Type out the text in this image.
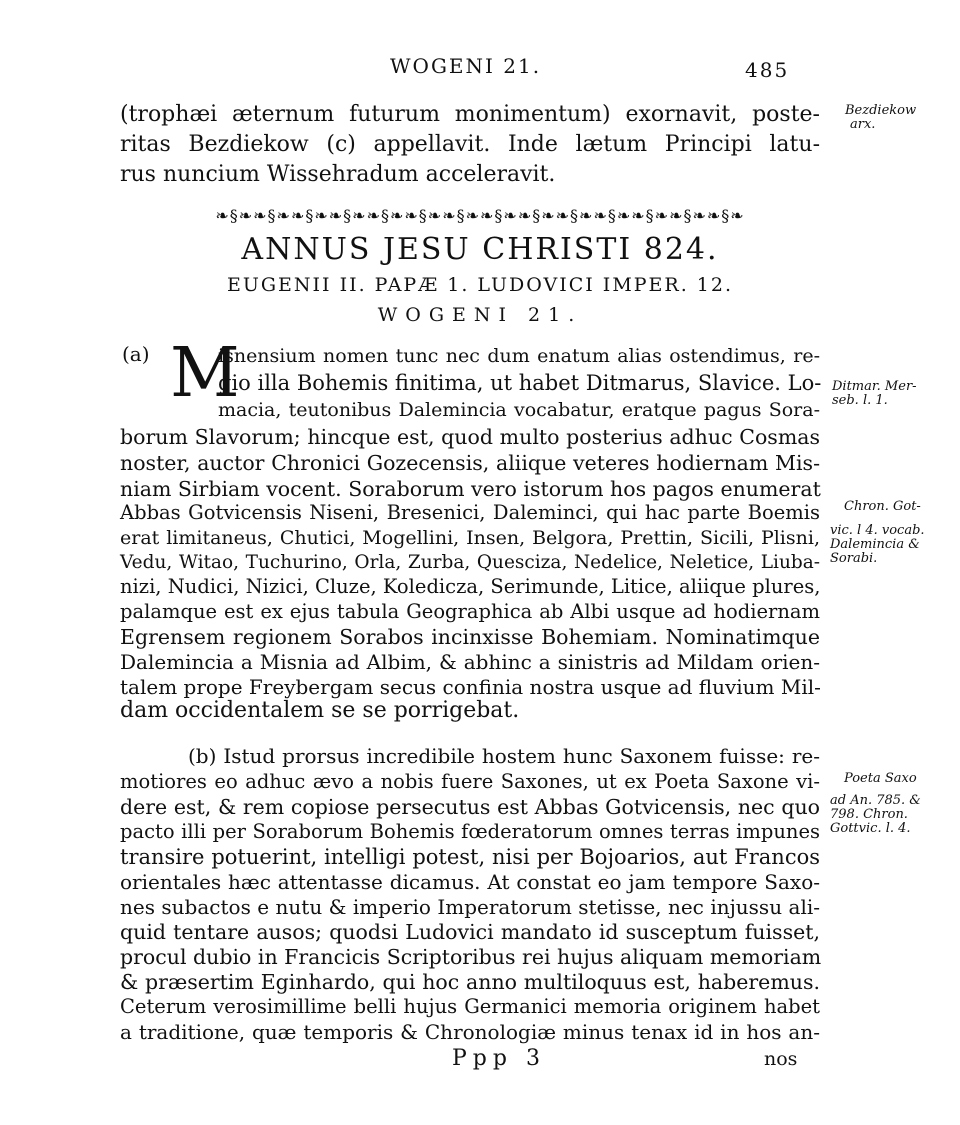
WOGENI 21.	485
(trophæi æternum futurum monimentum) exornavit, poste-
ritas Bezdiekow (c) appellavit. Inde lætum Principi latu-
rus nuncium Wissehradum acceleravit.
Bezdiekow
arx.
❧§❧❧§❧❧§❧❧§❧❧§❧❧§❧❧§❧❧§❧❧§❧❧§❧❧§❧❧§❧❧§❧❧§❧
ANNUS JESU CHRISTI 824.
EUGENII II. PAPÆ 1. LUDOVICI IMPER. 12.
WOGENI 21.
(a) M
isnensium nomen tunc nec dum enatum alias ostendimus, re-
gio illa Bohemis finitima, ut habet Ditmarus, Slavice. Lo-
macia, teutonibus Dalemincia vocabatur, eratque pagus Sora-
borum Slavorum; hincque est, quod multo posterius adhuc Cosmas
noster, auctor Chronici Gozecensis, aliique veteres hodiernam Mis-
niam Sirbiam vocent. Soraborum vero istorum hos pagos enumerat
Abbas Gotvicensis Niseni, Bresenici, Daleminci, qui hac parte Boemis
erat limitaneus, Chutici, Mogellini, Insen, Belgora, Prettin, Sicili, Plisni,
Vedu, Witao, Tuchurino, Orla, Zurba, Quesciza, Nedelice, Neletice, Liuba-
nizi, Nudici, Nizici, Cluze, Koledicza, Serimunde, Litice, aliique plures,
palamque est ex ejus tabula Geographica ab Albi usque ad hodiernam
Egrensem regionem Sorabos incinxisse Bohemiam. Nominatimque
Dalemincia a Misnia ad Albim, & abhinc a sinistris ad Mildam orien-
talem prope Freybergam secus confinia nostra usque ad fluvium Mil-
dam occidentalem se se porrigebat.
Ditmar. Mer-
seb. l. 1.
Chron. Got-
vic. l 4. vocab.
Dalemincia &
Sorabi.
(b) Istud prorsus incredibile hostem hunc Saxonem fuisse: re-
motiores eo adhuc ævo a nobis fuere Saxones, ut ex Poeta Saxone vi-
dere est, & rem copiose persecutus est Abbas Gotvicensis, nec quo
pacto illi per Soraborum Bohemis fœderatorum omnes terras impunes
transire potuerint, intelligi potest, nisi per Bojoarios, aut Francos
orientales hæc attentasse dicamus. At constat eo jam tempore Saxo-
nes subactos e nutu & imperio Imperatorum stetisse, nec injussu ali-
quid tentare ausos; quodsi Ludovici mandato id susceptum fuisset,
procul dubio in Francicis Scriptoribus rei hujus aliquam memoriam
& præsertim Eginhardo, qui hoc anno multiloquus est, haberemus.
Ceterum verosimillime belli hujus Germanici memoria originem habet
a traditione, quæ temporis & Chronologiæ minus tenax id in hos an-
Poeta Saxo
ad An. 785. &
798. Chron.
Gottvic. l. 4.
Ppp 3	nos
